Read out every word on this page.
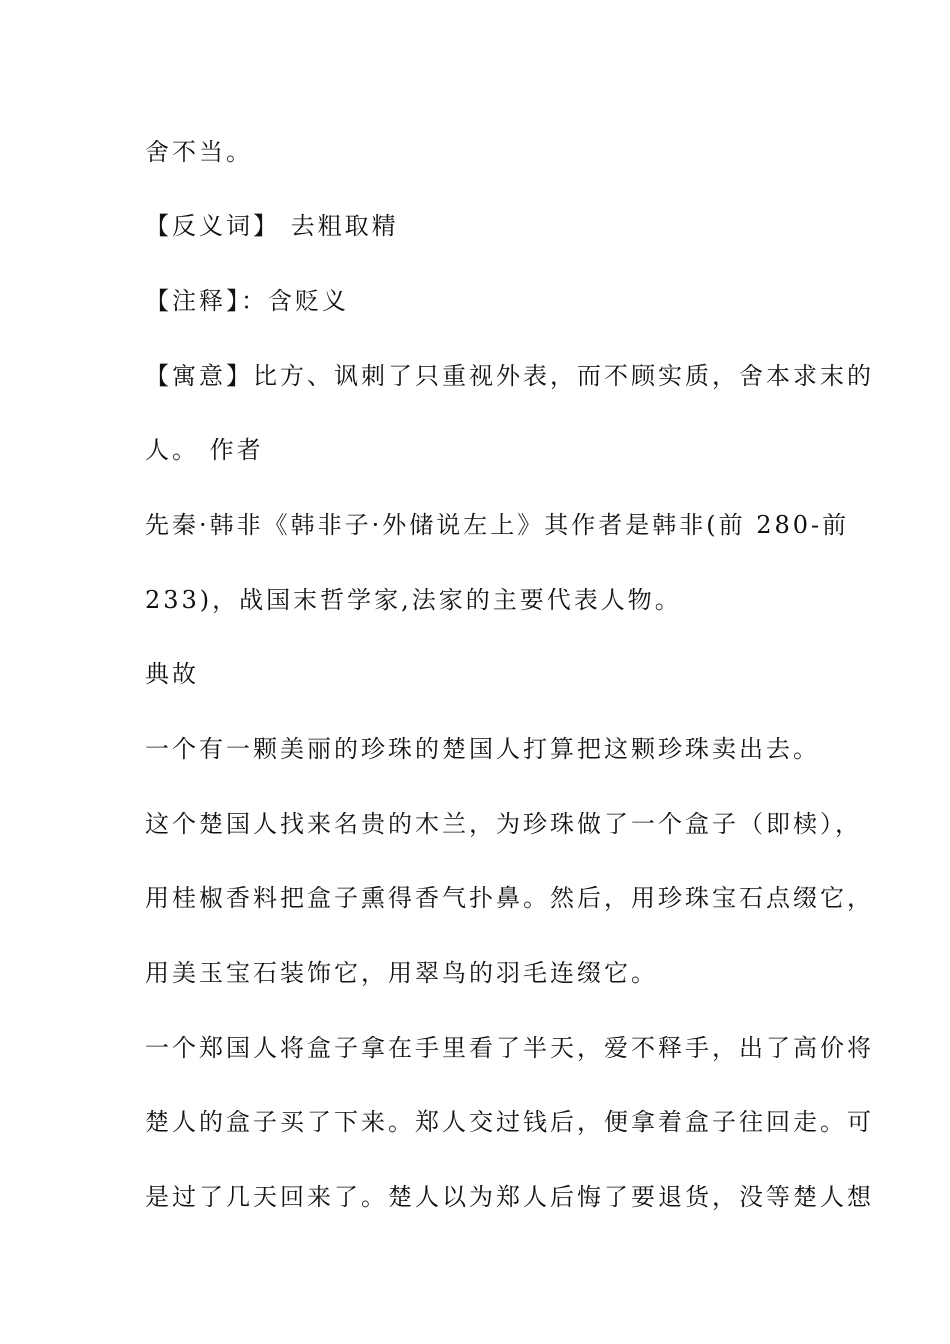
舍不当。
【反义词】 去粗取精
【注释】：含贬义
【寓意】比方、讽刺了只重视外表，而不顾实质，舍本求末的
人。 作者
先秦·韩非《韩非子·外储说左上》其作者是韩非(前 280-前
233)，战国末哲学家,法家的主要代表人物。
典故
一个有一颗美丽的珍珠的楚国人打算把这颗珍珠卖出去。
这个楚国人找来名贵的木兰，为珍珠做了一个盒子（即椟），
用桂椒香料把盒子熏得香气扑鼻。然后，用珍珠宝石点缀它，
用美玉宝石装饰它，用翠鸟的羽毛连缀它。
一个郑国人将盒子拿在手里看了半天，爱不释手，出了高价将
楚人的盒子买了下来。郑人交过钱后，便拿着盒子往回走。可
是过了几天回来了。楚人以为郑人后悔了要退货，没等楚人想
